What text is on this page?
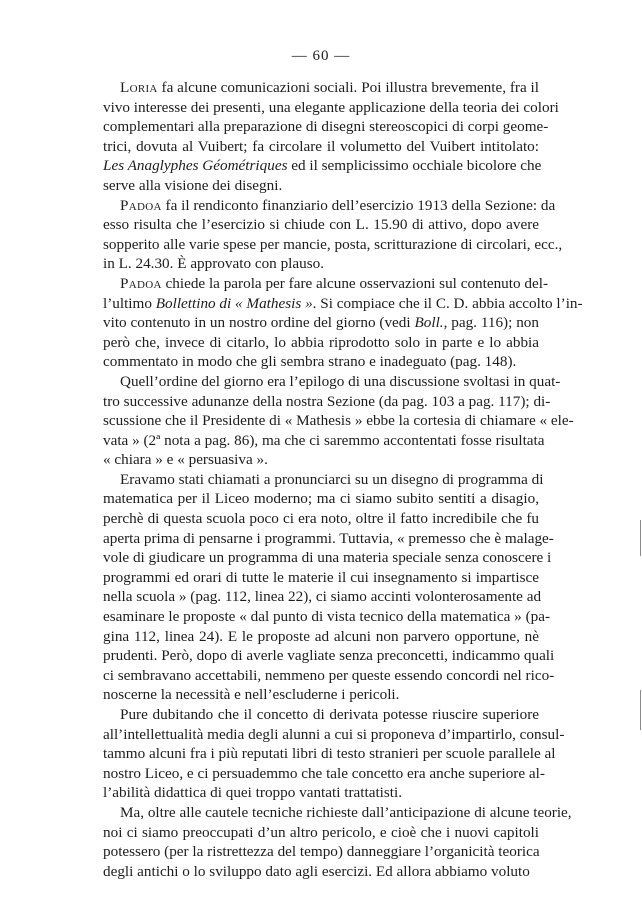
— 60 —
Loria fa alcune comunicazioni sociali. Poi illustra brevemente, fra il
vivo interesse dei presenti, una elegante applicazione della teoria dei colori
complementari alla preparazione di disegni stereoscopici di corpi geome-
trici, dovuta al Vuibert; fa circolare il volumetto del Vuibert intitolato:
Les Anaglyphes Géométriques ed il semplicissimo occhiale bicolore che
serve alla visione dei disegni.
Padoa fa il rendiconto finanziario dell’esercizio 1913 della Sezione: da
esso risulta che l’esercizio si chiude con L. 15.90 di attivo, dopo avere
sopperito alle varie spese per mancie, posta, scritturazione di circolari, ecc.,
in L. 24.30. È approvato con plauso.
Padoa chiede la parola per fare alcune osservazioni sul contenuto del-
l’ultimo Bollettino di « Mathesis ». Si compiace che il C. D. abbia accolto l’in-
vito contenuto in un nostro ordine del giorno (vedi Boll., pag. 116); non
però che, invece di citarlo, lo abbia riprodotto solo in parte e lo abbia
commentato in modo che gli sembra strano e inadeguato (pag. 148).
Quell’ordine del giorno era l’epilogo di una discussione svoltasi in quat-
tro successive adunanze della nostra Sezione (da pag. 103 a pag. 117); di-
scussione che il Presidente di « Mathesis » ebbe la cortesia di chiamare « ele-
vata » (2ª nota a pag. 86), ma che ci saremmo accontentati fosse risultata
« chiara » e « persuasiva ».
Eravamo stati chiamati a pronunciarci su un disegno di programma di
matematica per il Liceo moderno; ma ci siamo subito sentiti a disagio,
perchè di questa scuola poco ci era noto, oltre il fatto incredibile che fu
aperta prima di pensarne i programmi. Tuttavia, « premesso che è malage-
vole di giudicare un programma di una materia speciale senza conoscere i
programmi ed orari di tutte le materie il cui insegnamento si impartisce
nella scuola » (pag. 112, linea 22), ci siamo accinti volonterosamente ad
esaminare le proposte « dal punto di vista tecnico della matematica » (pa-
gina 112, linea 24). E le proposte ad alcuni non parvero opportune, nè
prudenti. Però, dopo di averle vagliate senza preconcetti, indicammo quali
ci sembravano accettabili, nemmeno per queste essendo concordi nel rico-
noscerne la necessità e nell’escluderne i pericoli.
Pure dubitando che il concetto di derivata potesse riuscire superiore
all’intellettualità media degli alunni a cui si proponeva d’impartirlo, consul-
tammo alcuni fra i più reputati libri di testo stranieri per scuole parallele al
nostro Liceo, e ci persuademmo che tale concetto era anche superiore al-
l’abilità didattica di quei troppo vantati trattatisti.
Ma, oltre alle cautele tecniche richieste dall’anticipazione di alcune teorie,
noi ci siamo preoccupati d’un altro pericolo, e cioè che i nuovi capitoli
potessero (per la ristrettezza del tempo) danneggiare l’organicità teorica
degli antichi o lo sviluppo dato agli esercizi. Ed allora abbiamo voluto
